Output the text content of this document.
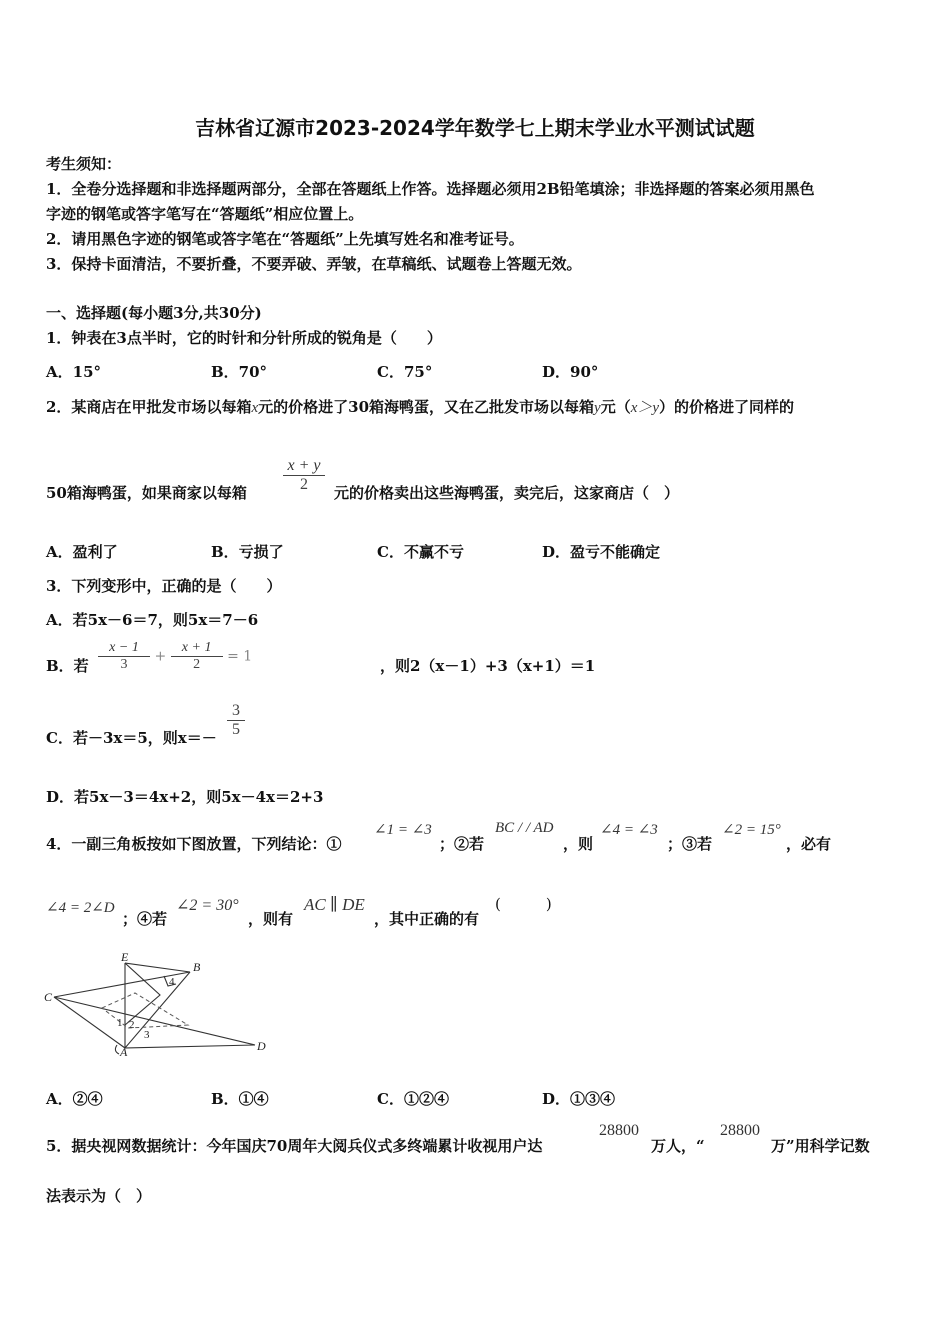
吉林省辽源市2023-2024学年数学七上期末学业水平测试试题
考生须知：
1．全卷分选择题和非选择题两部分，全部在答题纸上作答。选择题必须用2B铅笔填涂；非选择题的答案必须用黑色
字迹的钢笔或答字笔写在“答题纸”相应位置上。
2．请用黑色字迹的钢笔或答字笔在“答题纸”上先填写姓名和准考证号。
3．保持卡面清洁，不要折叠，不要弄破、弄皱，在草稿纸、试题卷上答题无效。
一、选择题(每小题3分,共30分)
1．钟表在3点半时，它的时针和分针所成的锐角是（　　）
A．15°	B．70°	C．75°	D．90°
2．某商店在甲批发市场以每箱x元的价格进了30箱海鸭蛋，又在乙批发市场以每箱y元（x＞y）的价格进了同样的
50箱海鸭蛋，如果商家以每箱 $\frac{x + y}{2}$ 元的价格卖出这些海鸭蛋，卖完后，这家商店（　）
A．盈利了	B．亏损了	C．不赢不亏	D．盈亏不能确定
3．下列变形中，正确的是（　　）
A．若5x－6＝7，则5x＝7－6
B．若 $\frac{x - 1}{3} + \frac{x + 1}{2} = 1$
，则2（x－1）+3（x+1）＝1
C．若－3x＝5，则$x=- \frac{3}{5}$
D．若5x－3＝4x+2，则5x－4x＝2+3
4．一副三角板按如下图放置，下列结论：①
∠1 = ∠3
；②若
BC / / AD
，则
∠4 = ∠3
；③若
∠2 = 15°
，必有
∠4 = 2∠D
；④若
∠2 = 30°
，则有
AC ∥ DE
，其中正确的有
(　　　)
E
B
C
A	D
1 2
3
4
A．②④	B．①④	C．①②④	D．①③④
5．据央视网数据统计：今年国庆70周年大阅兵仪式多终端累计收视用户达
28800
万人，“
28800
万”用科学记数
法表示为（　）
